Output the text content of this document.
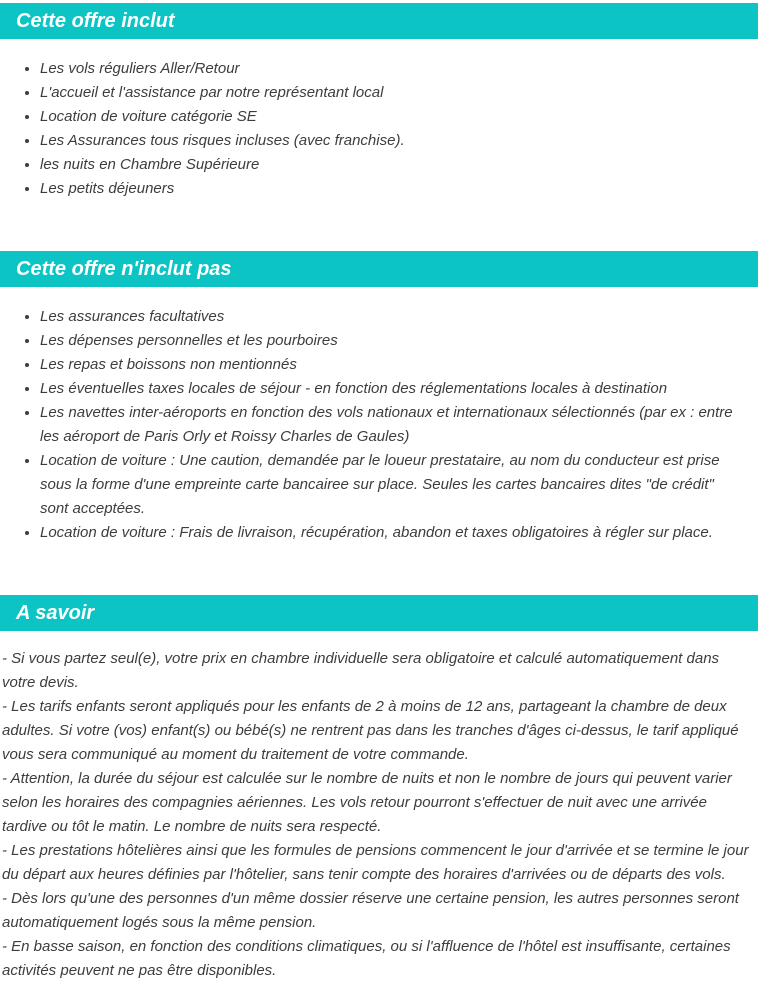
Cette offre inclut
• Les vols réguliers Aller/Retour
• L'accueil et l'assistance par notre représentant local
• Location de voiture catégorie SE
• Les Assurances tous risques incluses (avec franchise).
• les nuits en Chambre Supérieure
• Les petits déjeuners
Cette offre n'inclut pas
• Les assurances facultatives
• Les dépenses personnelles et les pourboires
• Les repas et boissons non mentionnés
• Les éventuelles taxes locales de séjour - en fonction des réglementations locales à destination
• Les navettes inter-aéroports en fonction des vols nationaux et internationaux sélectionnés (par ex : entre les aéroport de Paris Orly et Roissy Charles de Gaules)
• Location de voiture : Une caution, demandée par le loueur prestataire, au nom du conducteur est prise sous la forme d'une empreinte carte bancairee sur place. Seules les cartes bancaires dites "de crédit" sont acceptées.
• Location de voiture : Frais de livraison, récupération, abandon et taxes obligatoires à régler sur place.
A savoir

- Si vous partez seul(e), votre prix en chambre individuelle sera obligatoire et calculé automatiquement dans votre devis.

- Les tarifs enfants seront appliqués pour les enfants de 2 à moins de 12 ans, partageant la chambre de deux adultes. Si votre (vos) enfant(s) ou bébé(s) ne rentrent pas dans les tranches d'âges ci-dessus, le tarif appliqué vous sera communiqué au moment du traitement de votre commande.

- Attention, la durée du séjour est calculée sur le nombre de nuits et non le nombre de jours qui peuvent varier selon les horaires des compagnies aériennes. Les vols retour pourront s'effectuer de nuit avec une arrivée tardive ou tôt le matin. Le nombre de nuits sera respecté.

- Les prestations hôtelières ainsi que les formules de pensions commencent le jour d'arrivée et se termine le jour du départ aux heures définies par l'hôtelier, sans tenir compte des horaires d'arrivées ou de départs des vols.

- Dès lors qu'une des personnes d'un même dossier réserve une certaine pension, les autres personnes seront automatiquement logés sous la même pension.

- En basse saison, en fonction des conditions climatiques, ou si l'affluence de l'hôtel est insuffisante, certaines activités peuvent ne pas être disponibles.
